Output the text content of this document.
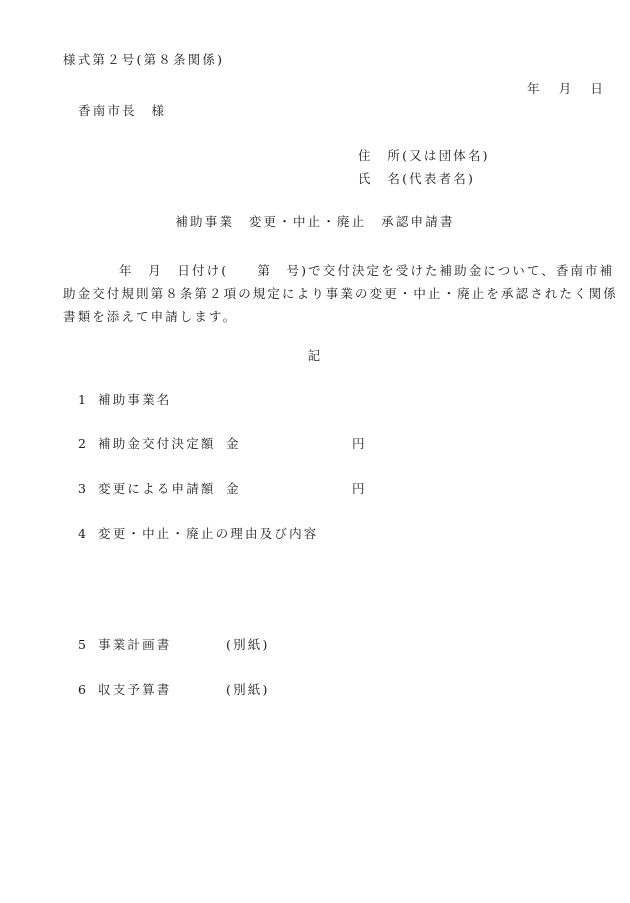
様式第２号(第８条関係)
年 月 日
香南市長　様
住　所(又は団体名)
氏　名(代表者名)
補助事業　変更・中止・廃止　承認申請書
年　月　日付け(　　第　号)で交付決定を受けた補助金について、香南市補
助金交付規則第８条第２項の規定により事業の変更・中止・廃止を承認されたく関係
書類を添えて申請します。
記
1 補助事業名
2 補助金交付決定額 金	円
3 変更による申請額 金	円
4 変更・中止・廃止の理由及び内容
5 事業計画書	(別紙)
6 収支予算書	(別紙)
